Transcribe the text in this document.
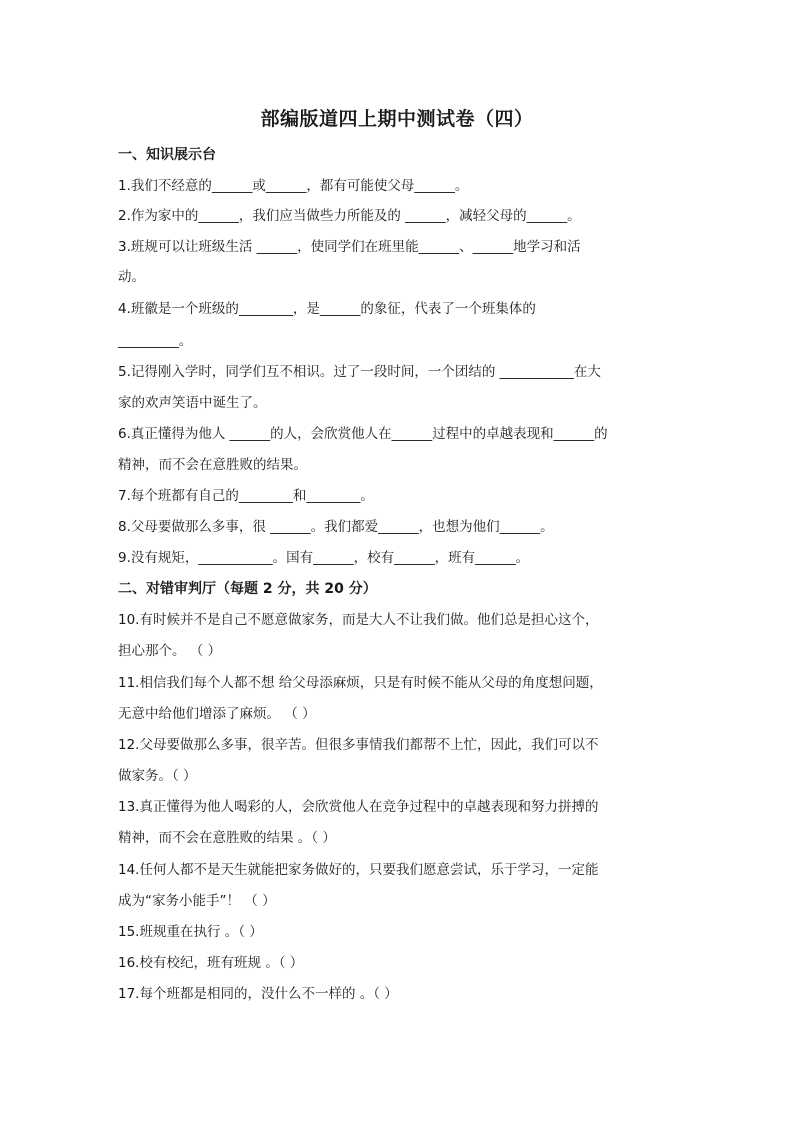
部编版道四上期中测试卷（四）
一、知识展示台
1.我们不经意的______或______，都有可能使父母______。
2.作为家中的______，我们应当做些力所能及的 ______，减轻父母的______。
3.班规可以让班级生活 ______，使同学们在班里能______、______地学习和活
动。
4.班徽是一个班级的________，是______的象征，代表了一个班集体的
_________。
5.记得刚入学时，同学们互不相识。过了一段时间，一个团结的 ___________在大
家的欢声笑语中诞生了。
6.真正懂得为他人 ______的人，会欣赏他人在______过程中的卓越表现和______的
精神，而不会在意胜败的结果。
7.每个班都有自己的________和________。
8.父母要做那么多事，很 ______。我们都爱______，也想为他们______。
9.没有规矩，___________。国有______，校有______，班有______。
二、对错审判厅（每题 2 分，共 20 分）
10.有时候并不是自己不愿意做家务，而是大人不让我们做。他们总是担心这个，
担心那个。 （ ）
11.相信我们每个人都不想 给父母添麻烦，只是有时候不能从父母的角度想问题，
无意中给他们增添了麻烦。 （ ）
12.父母要做那么多事，很辛苦。但很多事情我们都帮不上忙，因此，我们可以不
做家务。（ ）
13.真正懂得为他人喝彩的人，会欣赏他人在竞争过程中的卓越表现和努力拼搏的
精神，而不会在意胜败的结果 。（ ）
14.任何人都不是天生就能把家务做好的，只要我们愿意尝试，乐于学习，一定能
成为“家务小能手”！ （ ）
15.班规重在执行 。（ ）
16.校有校纪，班有班规 。（ ）
17.每个班都是相同的，没什么不一样的 。（ ）
